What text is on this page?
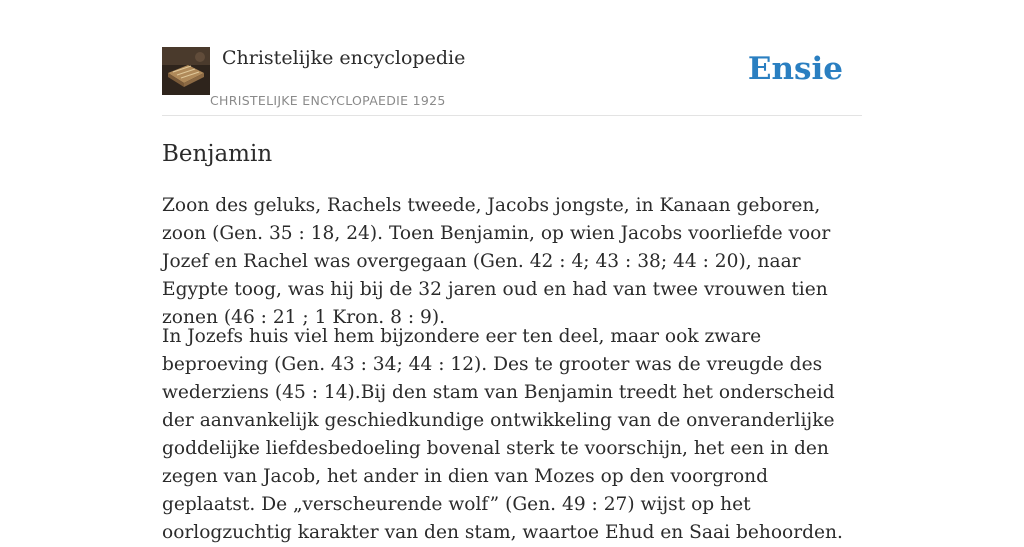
Christelijke encyclopedie
CHRISTELIJKE ENCYCLOPAEDIE 1925
Ensie
Benjamin

Zoon des geluks, Rachels tweede, Jacobs jongste, in Kanaan geboren, zoon (Gen. 35 : 18, 24). Toen Benjamin, op wien Jacobs voorliefde voor Jozef en Rachel was overgegaan (Gen. 42 : 4; 43 : 38; 44 : 20), naar Egypte toog, was hij bij de 32 jaren oud en had van twee vrouwen tien zonen (46 : 21 ; 1 Kron. 8 : 9).

In Jozefs huis viel hem bijzondere eer ten deel, maar ook zware beproeving (Gen. 43 : 34; 44 : 12). Des te grooter was de vreugde des wederziens (45 : 14).Bij den stam van Benjamin treedt het onderscheid der aanvankelijk geschiedkundige ontwikkeling van de onveranderlijke goddelijke liefdesbedoeling bovenal sterk te voorschijn, het een in den zegen van Jacob, het ander in dien van Mozes op den voorgrond geplaatst. De „verscheurende wolf” (Gen. 49 : 27) wijst op het oorlogzuchtig karakter van den stam, waartoe Ehud en Saai behoorden.
